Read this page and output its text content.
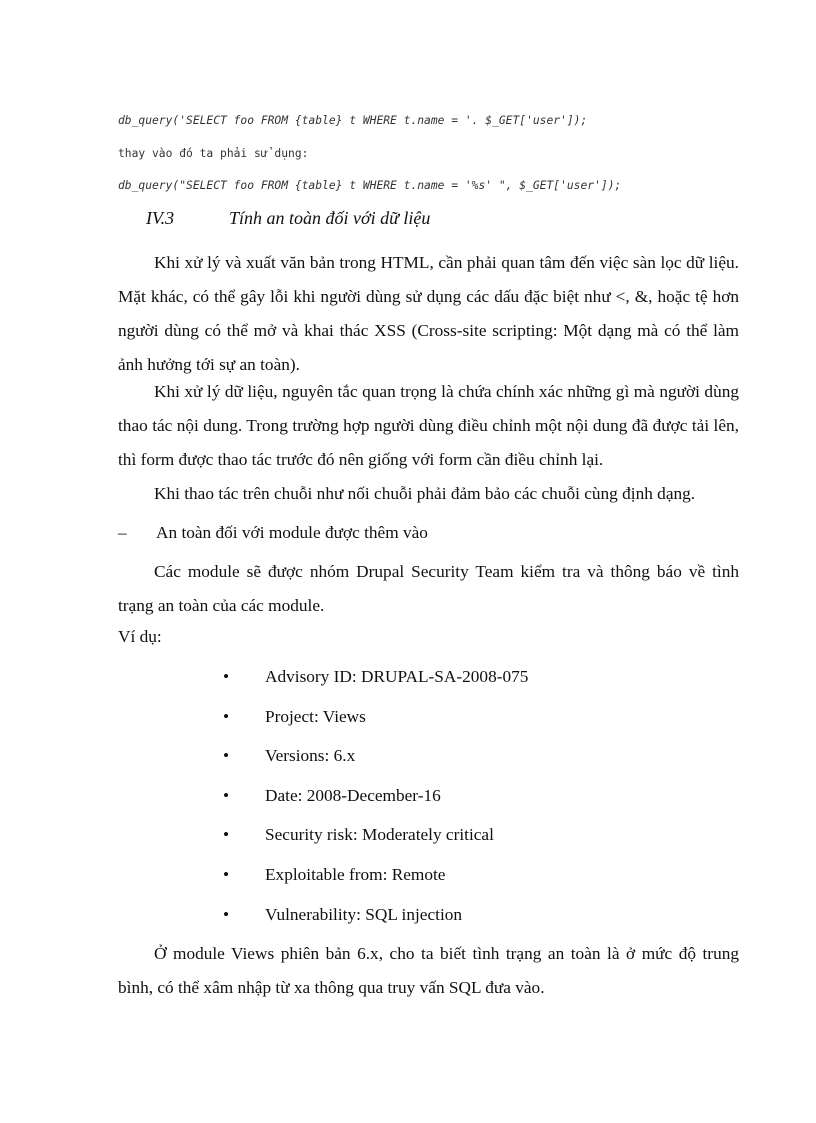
db_query('SELECT foo FROM {table} t WHERE t.name = '. $_GET['user']);
thay vào đó ta phải sử dụng:
db_query("SELECT foo FROM {table} t WHERE t.name = '%s' ", $_GET['user']);
IV.3	Tính an toàn đối với dữ liệu

Khi xử lý và xuất văn bản trong HTML, cần phải quan tâm đến việc sàn lọc dữ liệu. Mặt khác, có thể gây lỗi khi người dùng sử dụng các dấu đặc biệt như <, &, hoặc tệ hơn người dùng có thể mở và khai thác XSS (Cross-site scripting: Một dạng mà có thể làm ảnh hưởng tới sự an toàn).

Khi xử lý dữ liệu, nguyên tắc quan trọng là chứa chính xác những gì mà người dùng thao tác nội dung. Trong trường hợp người dùng điều chỉnh một nội dung đã được tải lên, thì form được thao tác trước đó nên giống với form cần điều chỉnh lại.

Khi thao tác trên chuỗi như nối chuỗi phải đảm bảo các chuỗi cùng định dạng.

– An toàn đối với module được thêm vào

Các module sẽ được nhóm Drupal Security Team kiểm tra và thông báo về tình trạng an toàn của các module.

Ví dụ:
• Advisory ID: DRUPAL-SA-2008-075
• Project: Views
• Versions: 6.x
• Date: 2008-December-16
• Security risk: Moderately critical
• Exploitable from: Remote
• Vulnerability: SQL injection

Ở module Views phiên bản 6.x, cho ta biết tình trạng an toàn là ở mức độ trung bình, có thể xâm nhập từ xa thông qua truy vấn SQL đưa vào.
